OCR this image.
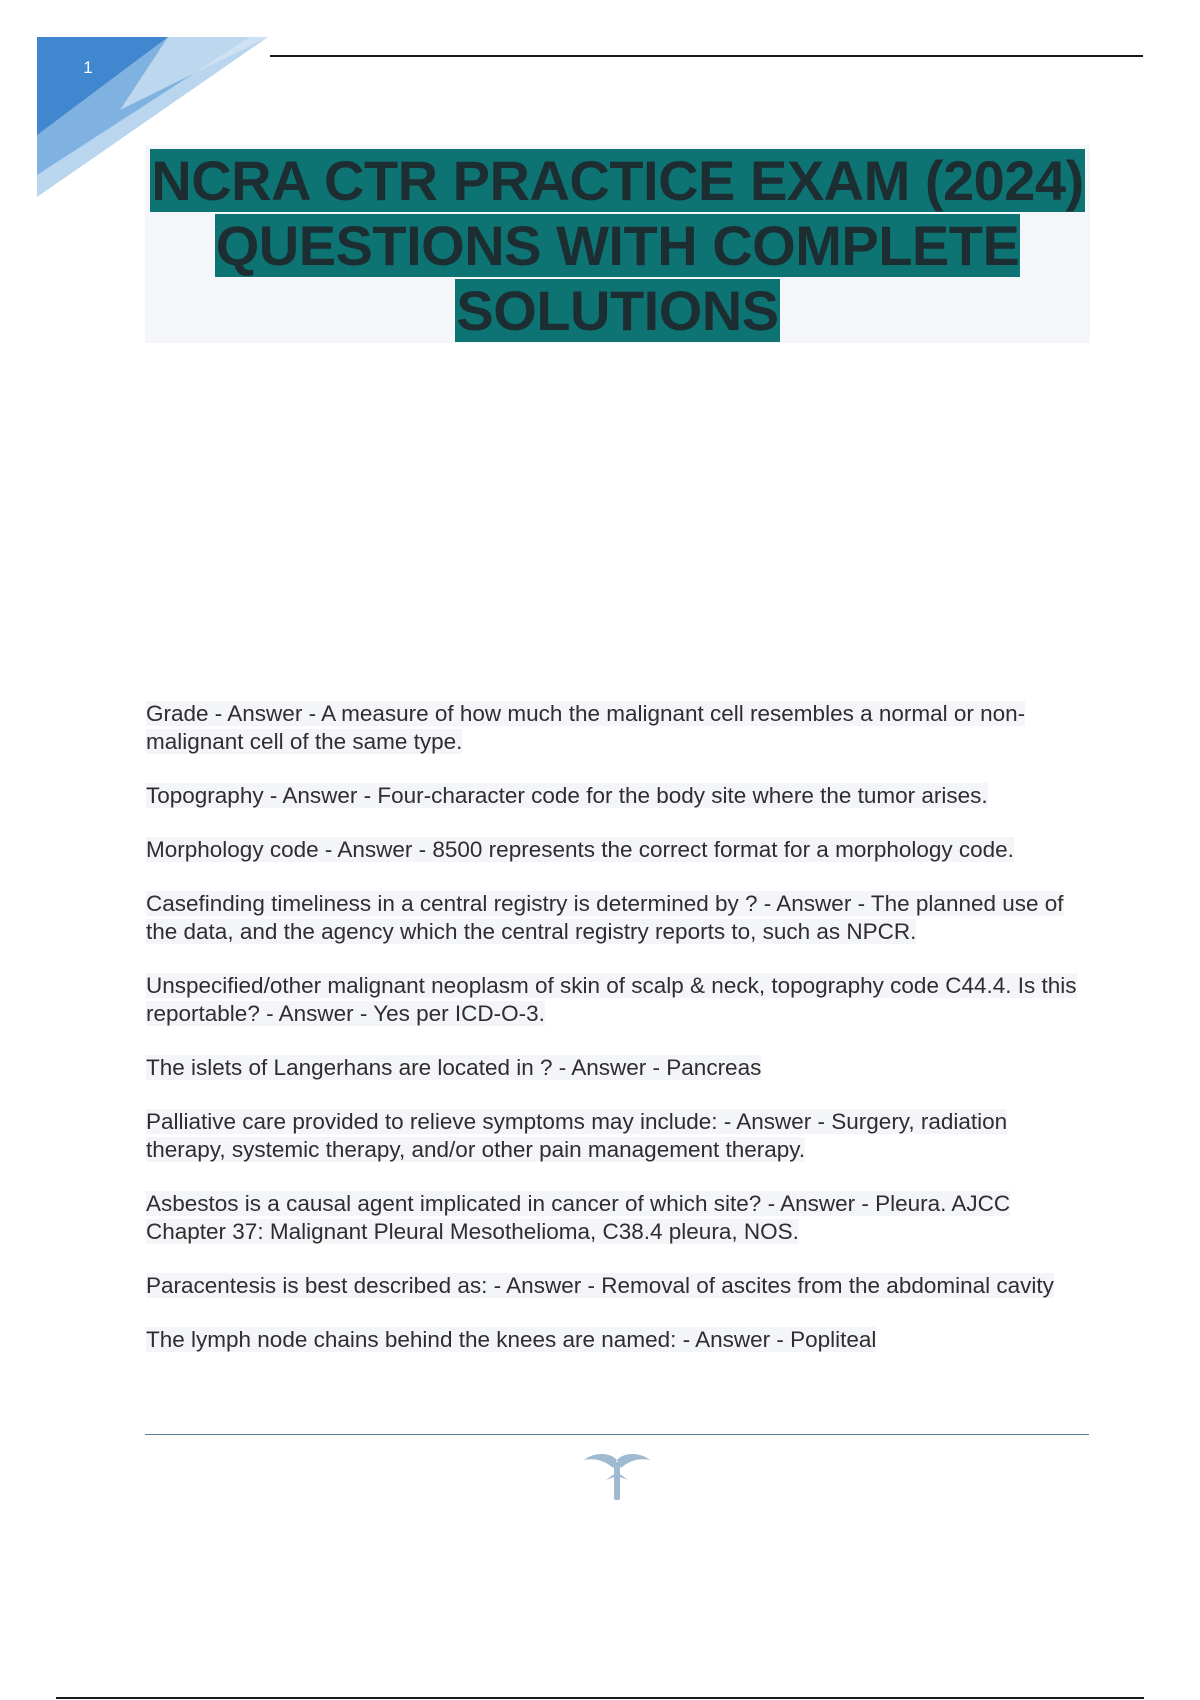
1
NCRA CTR PRACTICE EXAM (2024) QUESTIONS WITH COMPLETE SOLUTIONS
Grade - Answer - A measure of how much the malignant cell resembles a normal or non-malignant cell of the same type.
Topography - Answer - Four-character code for the body site where the tumor arises.
Morphology code - Answer - 8500 represents the correct format for a morphology code.
Casefinding timeliness in a central registry is determined by ? - Answer - The planned use of the data, and the agency which the central registry reports to, such as NPCR.
Unspecified/other malignant neoplasm of skin of scalp & neck, topography code C44.4. Is this reportable? - Answer - Yes per ICD-O-3.
The islets of Langerhans are located in ? - Answer - Pancreas
Palliative care provided to relieve symptoms may include: - Answer - Surgery, radiation therapy, systemic therapy, and/or other pain management therapy.
Asbestos is a causal agent implicated in cancer of which site? - Answer - Pleura. AJCC Chapter 37: Malignant Pleural Mesothelioma, C38.4 pleura, NOS.
Paracentesis is best described as: - Answer - Removal of ascites from the abdominal cavity
The lymph node chains behind the knees are named: - Answer - Popliteal
